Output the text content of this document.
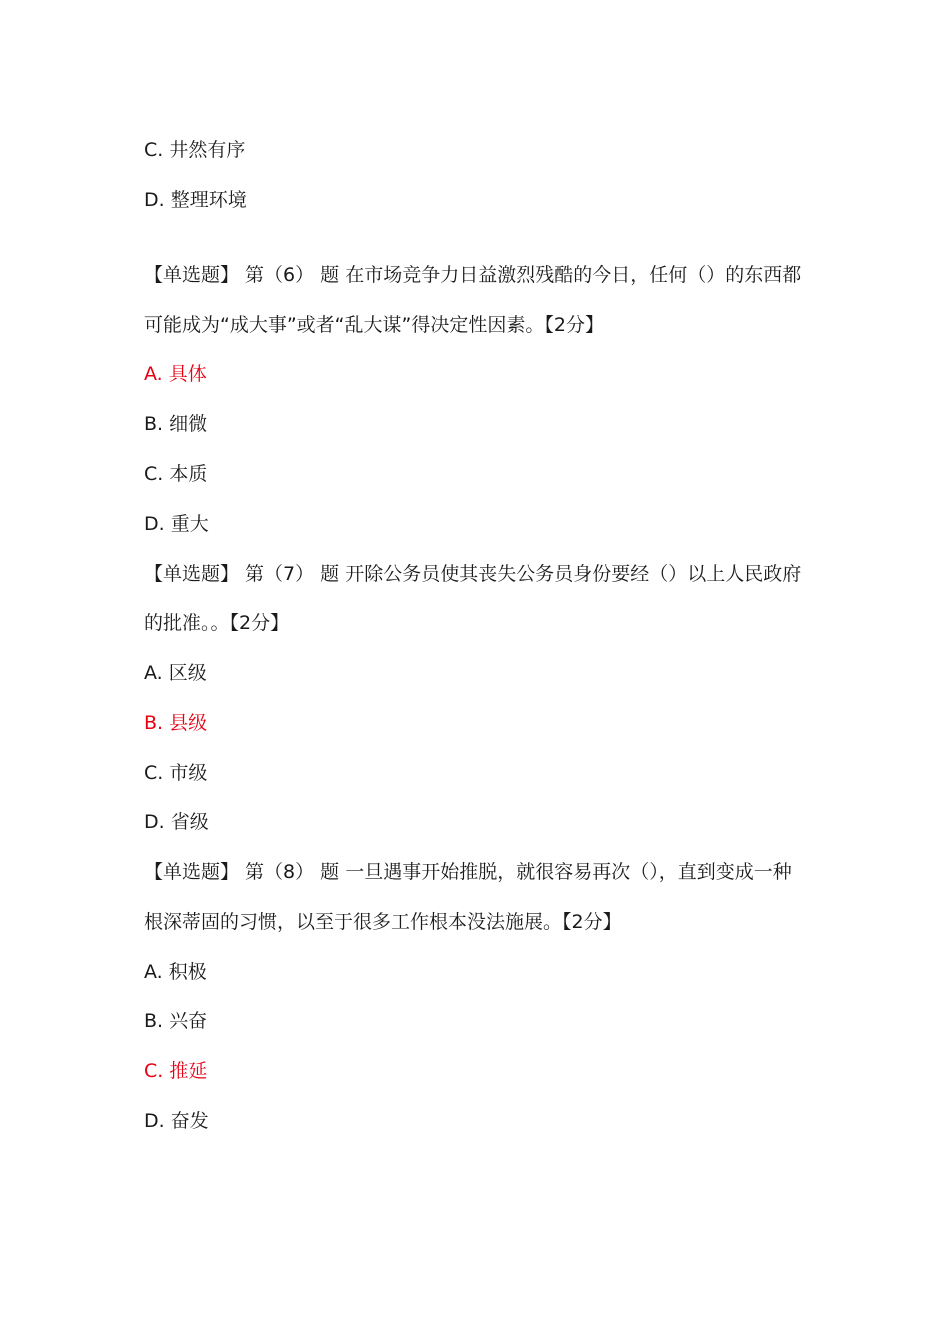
C. 井然有序

D. 整理环境

【单选题】 第（6） 题 在市场竞争力日益激烈残酷的今日，任何（）的东西都

可能成为“成大事”或者“乱大谋”得决定性因素。【2分】

A. 具体

B. 细微

C. 本质

D. 重大

【单选题】 第（7） 题 开除公务员使其丧失公务员身份要经（）以上人民政府

的批准。。【2分】

A. 区级

B. 县级

C. 市级

D. 省级

【单选题】 第（8） 题 一旦遇事开始推脱，就很容易再次（），直到变成一种

根深蒂固的习惯，以至于很多工作根本没法施展。【2分】

A. 积极

B. 兴奋

C. 推延

D. 奋发
